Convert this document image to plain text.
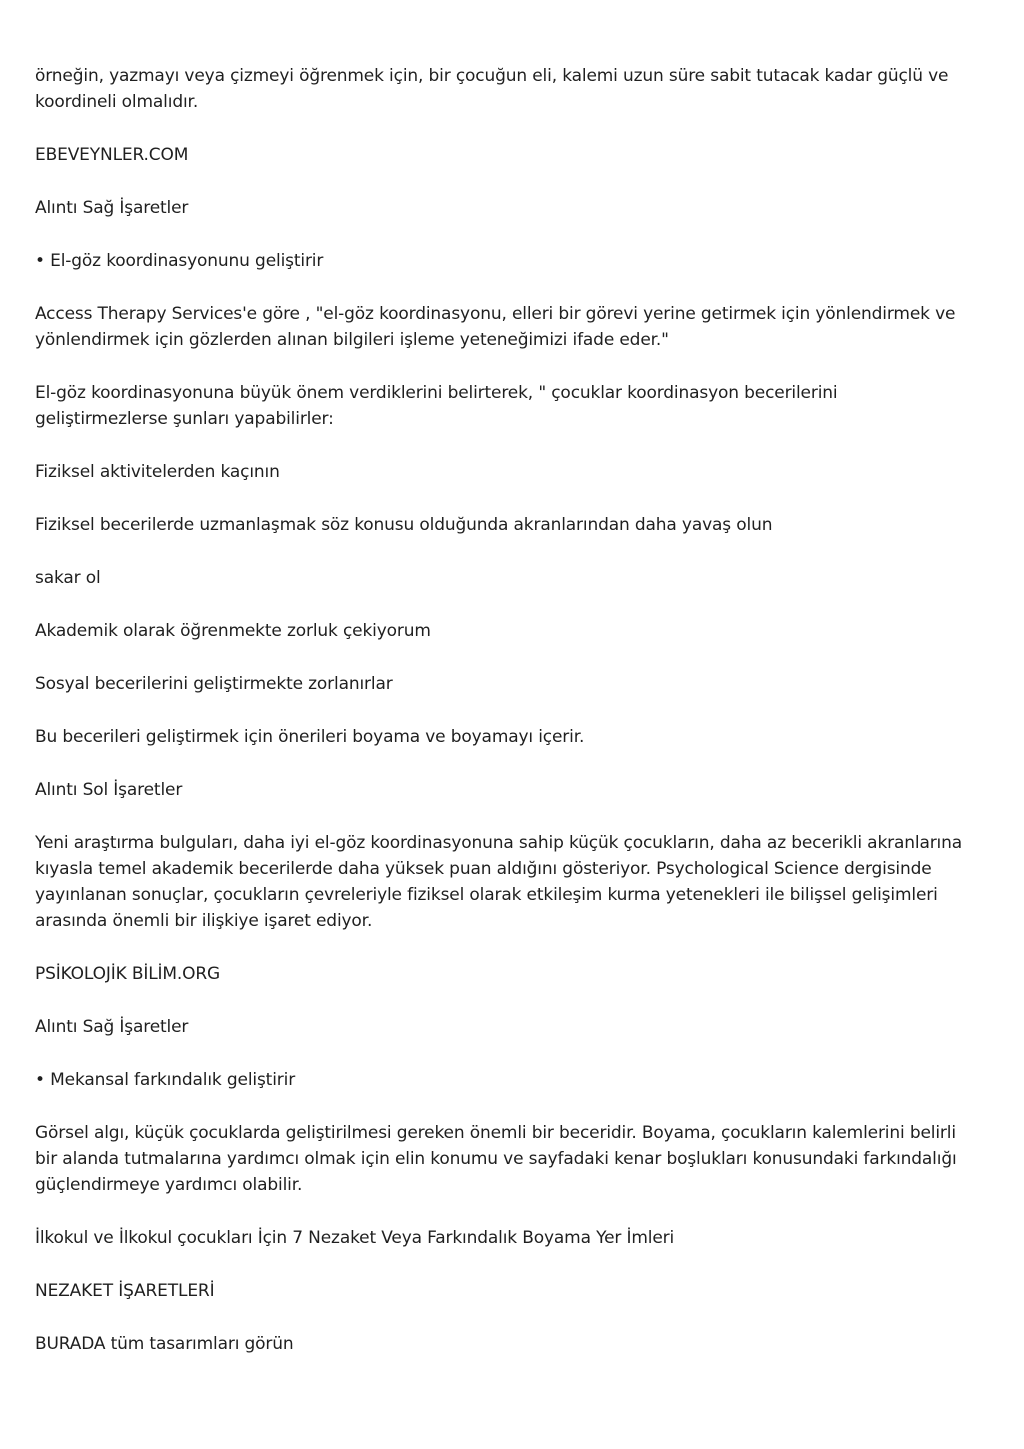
örneğin, yazmayı veya çizmeyi öğrenmek için, bir çocuğun eli, kalemi uzun süre sabit tutacak kadar güçlü ve koordineli olmalıdır.

EBEVEYNLER.COM

Alıntı Sağ İşaretler

• El-göz koordinasyonunu geliştirir

Access Therapy Services'e göre , "el-göz koordinasyonu, elleri bir görevi yerine getirmek için yönlendirmek ve yönlendirmek için gözlerden alınan bilgileri işleme yeteneğimizi ifade eder."

El-göz koordinasyonuna büyük önem verdiklerini belirterek, " çocuklar koordinasyon becerilerini geliştirmezlerse şunları yapabilirler:

Fiziksel aktivitelerden kaçının

Fiziksel becerilerde uzmanlaşmak söz konusu olduğunda akranlarından daha yavaş olun

sakar ol

Akademik olarak öğrenmekte zorluk çekiyorum

Sosyal becerilerini geliştirmekte zorlanırlar

Bu becerileri geliştirmek için önerileri boyama ve boyamayı içerir.

Alıntı Sol İşaretler

Yeni araştırma bulguları, daha iyi el-göz koordinasyonuna sahip küçük çocukların, daha az becerikli akranlarına kıyasla temel akademik becerilerde daha yüksek puan aldığını gösteriyor. Psychological Science dergisinde yayınlanan sonuçlar, çocukların çevreleriyle fiziksel olarak etkileşim kurma yetenekleri ile bilişsel gelişimleri arasında önemli bir ilişkiye işaret ediyor.

PSİKOLOJİK BİLİM.ORG

Alıntı Sağ İşaretler

• Mekansal farkındalık geliştirir

Görsel algı, küçük çocuklarda geliştirilmesi gereken önemli bir beceridir. Boyama, çocukların kalemlerini belirli bir alanda tutmalarına yardımcı olmak için elin konumu ve sayfadaki kenar boşlukları konusundaki farkındalığı güçlendirmeye yardımcı olabilir.

İlkokul ve İlkokul çocukları İçin 7 Nezaket Veya Farkındalık Boyama Yer İmleri

NEZAKET İŞARETLERİ

BURADA tüm tasarımları görün
